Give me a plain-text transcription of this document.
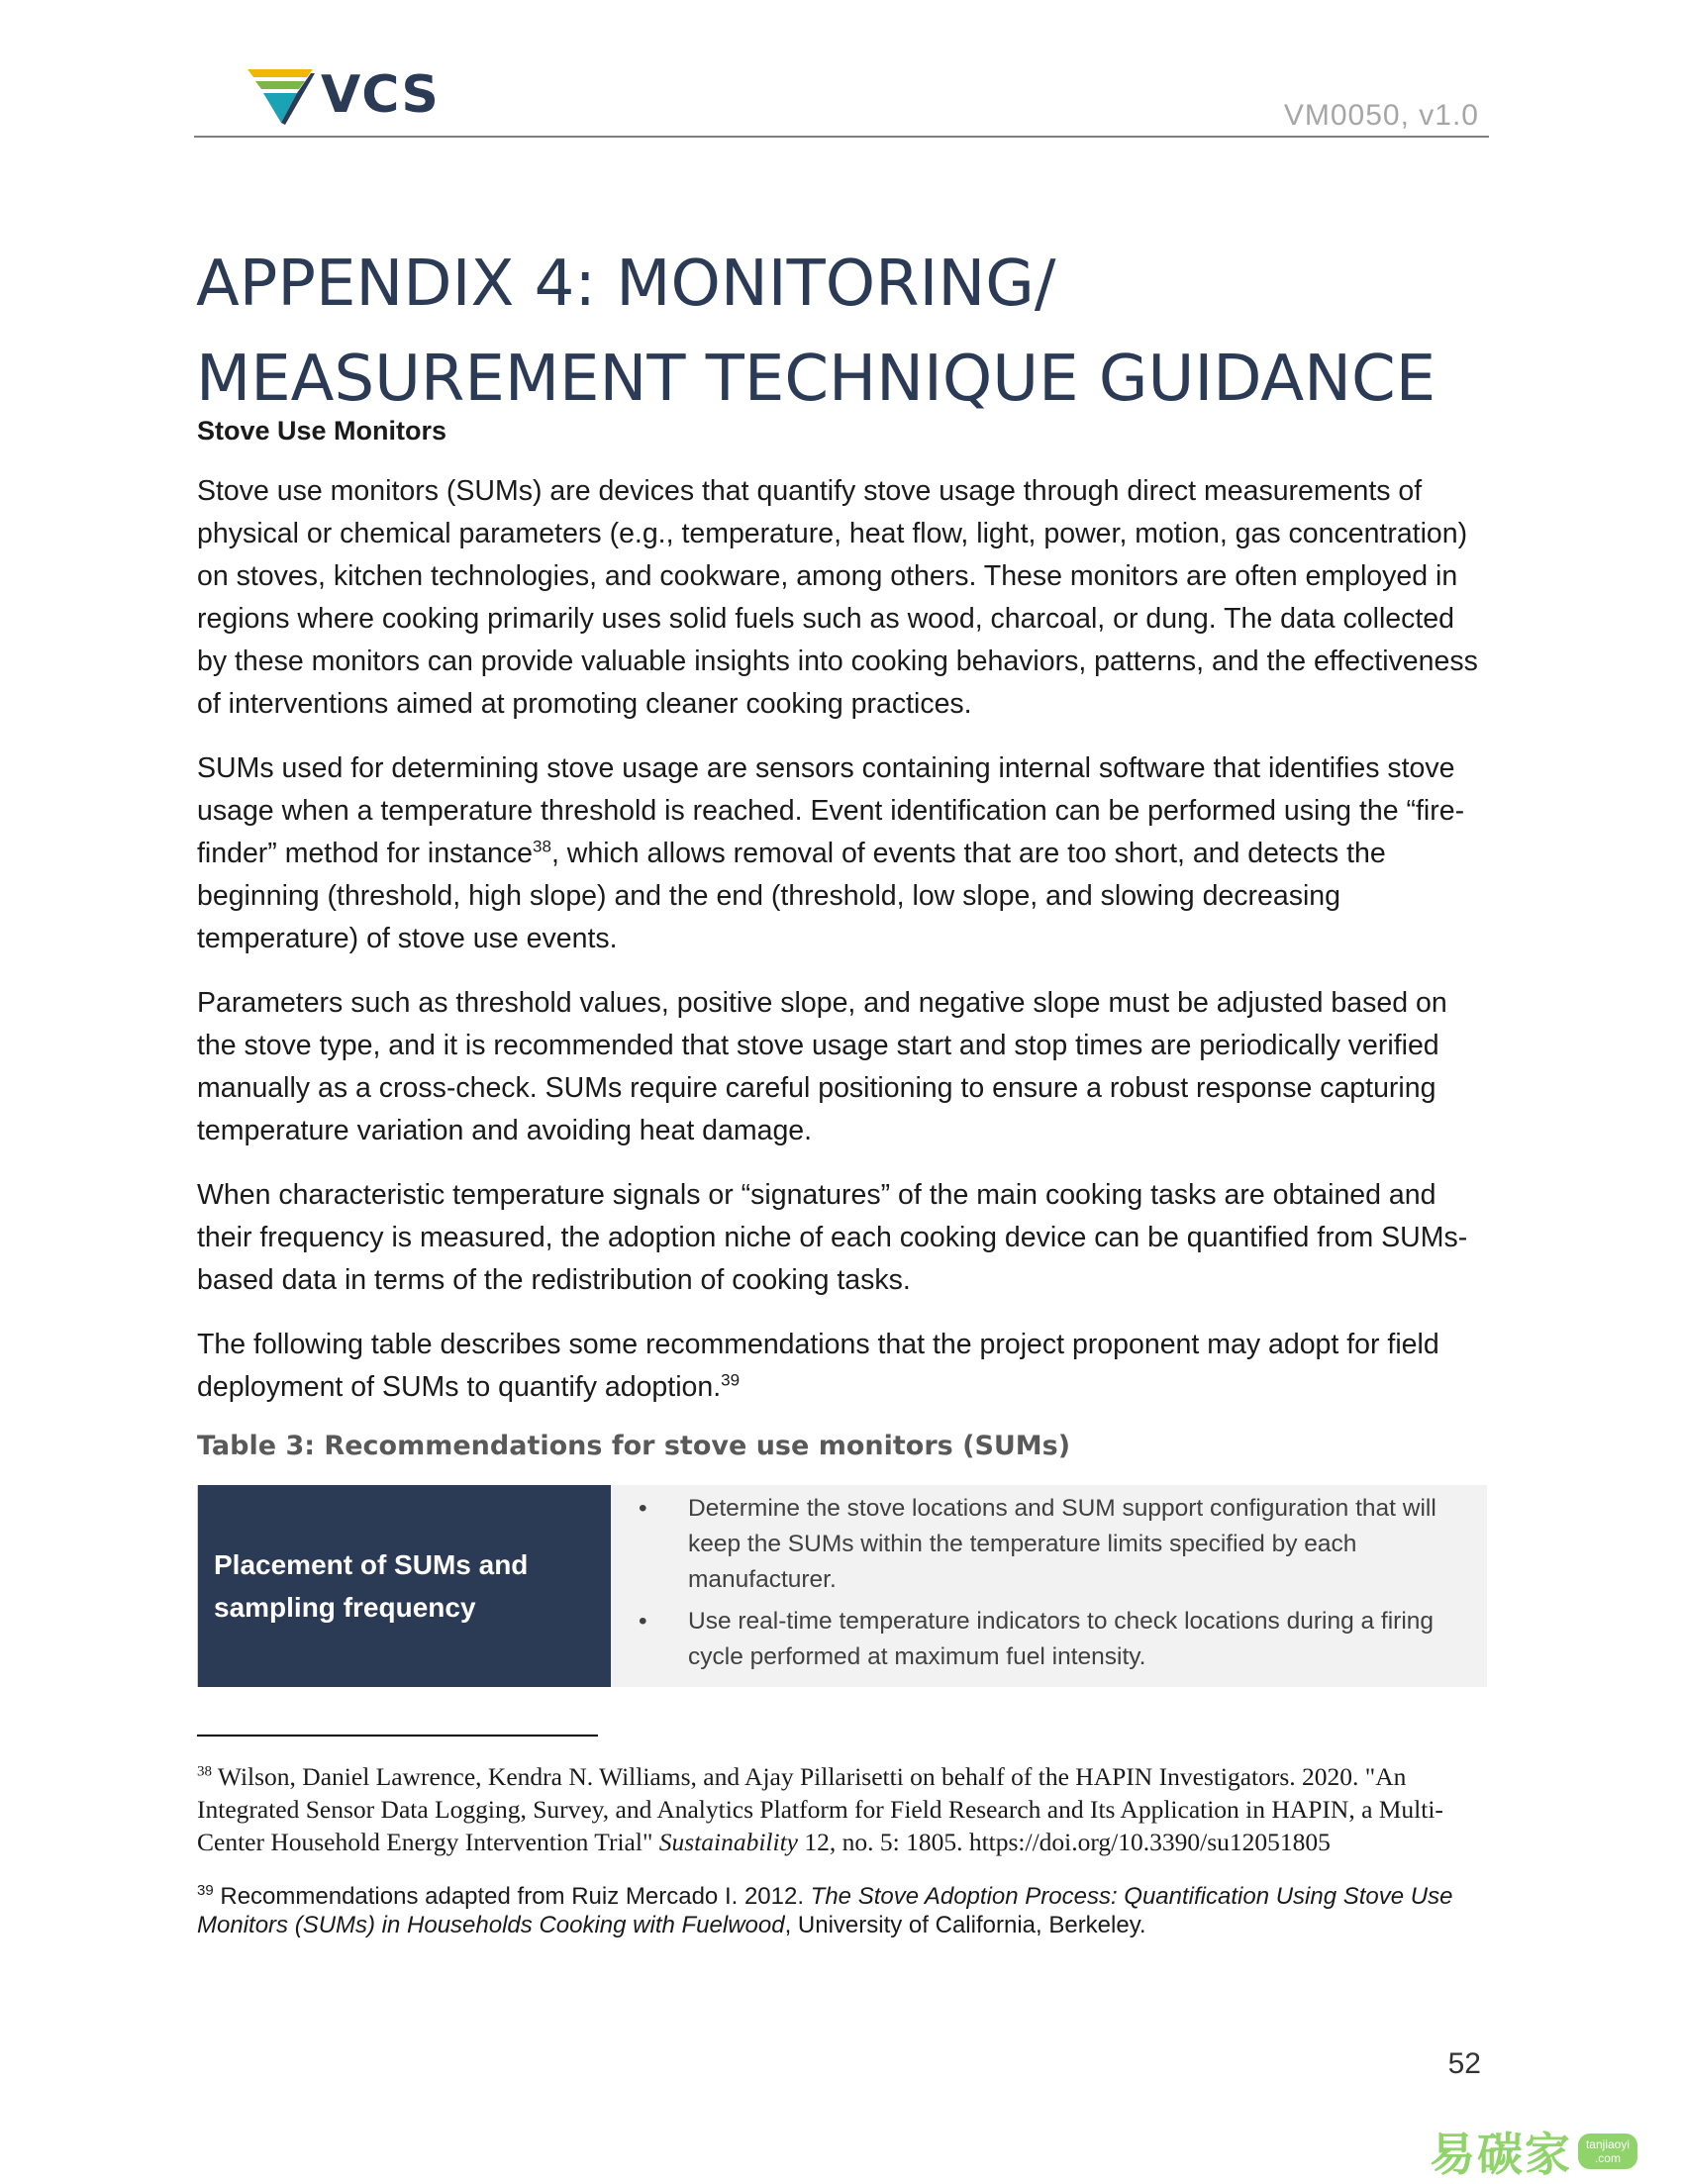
VCS	VM0050, v1.0
APPENDIX 4: MONITORING/ MEASUREMENT TECHNIQUE GUIDANCE
Stove Use Monitors

Stove use monitors (SUMs) are devices that quantify stove usage through direct measurements of physical or chemical parameters (e.g., temperature, heat flow, light, power, motion, gas concentration) on stoves, kitchen technologies, and cookware, among others. These monitors are often employed in regions where cooking primarily uses solid fuels such as wood, charcoal, or dung. The data collected by these monitors can provide valuable insights into cooking behaviors, patterns, and the effectiveness of interventions aimed at promoting cleaner cooking practices.

SUMs used for determining stove usage are sensors containing internal software that identifies stove usage when a temperature threshold is reached. Event identification can be performed using the “fire-finder” method for instance$^{38}$, which allows removal of events that are too short, and detects the beginning (threshold, high slope) and the end (threshold, low slope, and slowing decreasing temperature) of stove use events.

Parameters such as threshold values, positive slope, and negative slope must be adjusted based on the stove type, and it is recommended that stove usage start and stop times are periodically verified manually as a cross-check. SUMs require careful positioning to ensure a robust response capturing temperature variation and avoiding heat damage.

When characteristic temperature signals or “signatures” of the main cooking tasks are obtained and their frequency is measured, the adoption niche of each cooking device can be quantified from SUMs-based data in terms of the redistribution of cooking tasks.

The following table describes some recommendations that the project proponent may adopt for field deployment of SUMs to quantify adoption.$^{39}$

Table 3: Recommendations for stove use monitors (SUMs)
Placement of SUMs and sampling frequency
• Determine the stove locations and SUM support configuration that will keep the SUMs within the temperature limits specified by each manufacturer.
• Use real-time temperature indicators to check locations during a firing cycle performed at maximum fuel intensity.

$^{38}$ Wilson, Daniel Lawrence, Kendra N. Williams, and Ajay Pillarisetti on behalf of the HAPIN Investigators. 2020. "An Integrated Sensor Data Logging, Survey, and Analytics Platform for Field Research and Its Application in HAPIN, a Multi-Center Household Energy Intervention Trial" Sustainability 12, no. 5: 1805. https://doi.org/10.3390/su12051805

$^{39}$ Recommendations adapted from Ruiz Mercado I. 2012. The Stove Adoption Process: Quantification Using Stove Use Monitors (SUMs) in Households Cooking with Fuelwood, University of California, Berkeley.

52
易碳家	tanjiaoyi
.com
